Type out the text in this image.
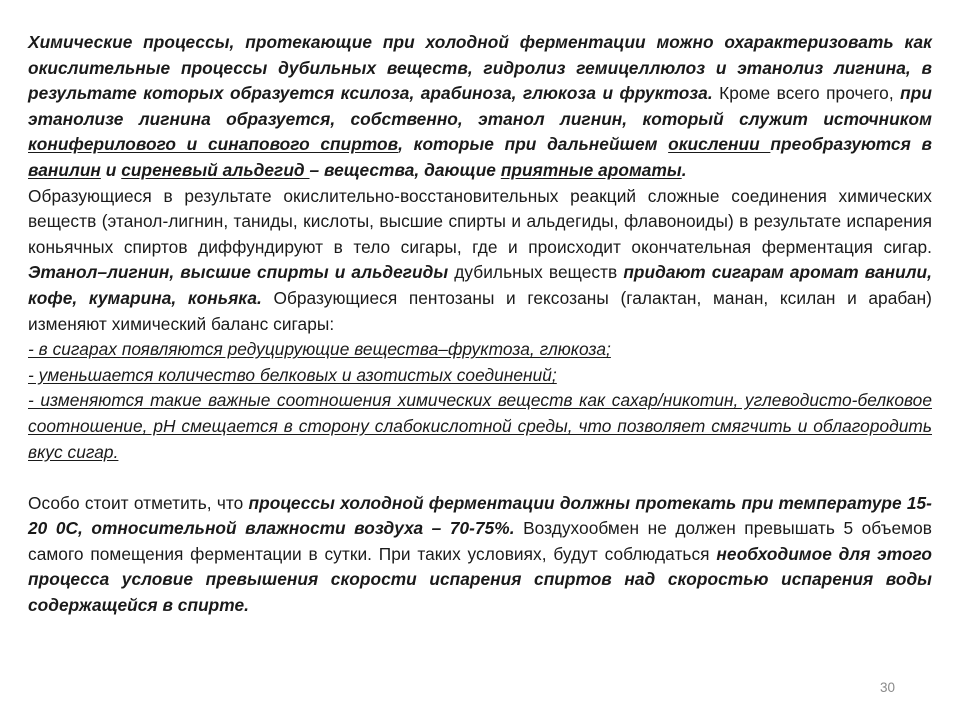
Химические процессы, протекающие при холодной ферментации можно охарактеризовать как окислительные процессы дубильных веществ, гидролиз гемицеллюлоз и этанолиз лигнина, в результате которых образуется ксилоза, арабиноза, глюкоза и фруктоза. Кроме всего прочего, при этанолизе лигнина образуется, собственно, этанол лигнин, который служит источником кониферилового и синапового спиртов, которые при дальнейшем окислении преобразуются в ванилин и сиреневый альдегид – вещества, дающие приятные ароматы.

Образующиеся в результате окислительно-восстановительных реакций сложные соединения химических веществ (этанол-лигнин, таниды, кислоты, высшие спирты и альдегиды, флавоноиды) в результате испарения коньячных спиртов диффундируют в тело сигары, где и происходит окончательная ферментация сигар. Этанол–лигнин, высшие спирты и альдегиды дубильных веществ придают сигарам аромат ванили, кофе, кумарина, коньяка. Образующиеся пентозаны и гексозаны (галактан, манан, ксилан и арабан) изменяют химический баланс сигары:

- в сигарах появляются редуцирующие вещества–фруктоза, глюкоза;

- уменьшается количество белковых и азотистых соединений;

- изменяются такие важные соотношения химических веществ как сахар/никотин, углеводисто-белковое соотношение, pH смещается в сторону слабокислотной среды, что позволяет смягчить и облагородить вкус сигар.

Особо стоит отметить, что процессы холодной ферментации должны протекать при температуре 15-20 0С, относительной влажности воздуха – 70-75%. Воздухообмен не должен превышать 5 объемов самого помещения ферментации в сутки. При таких условиях, будут соблюдаться необходимое для этого процесса условие превышения скорости испарения спиртов над скоростью испарения воды содержащейся в спирте.

30
